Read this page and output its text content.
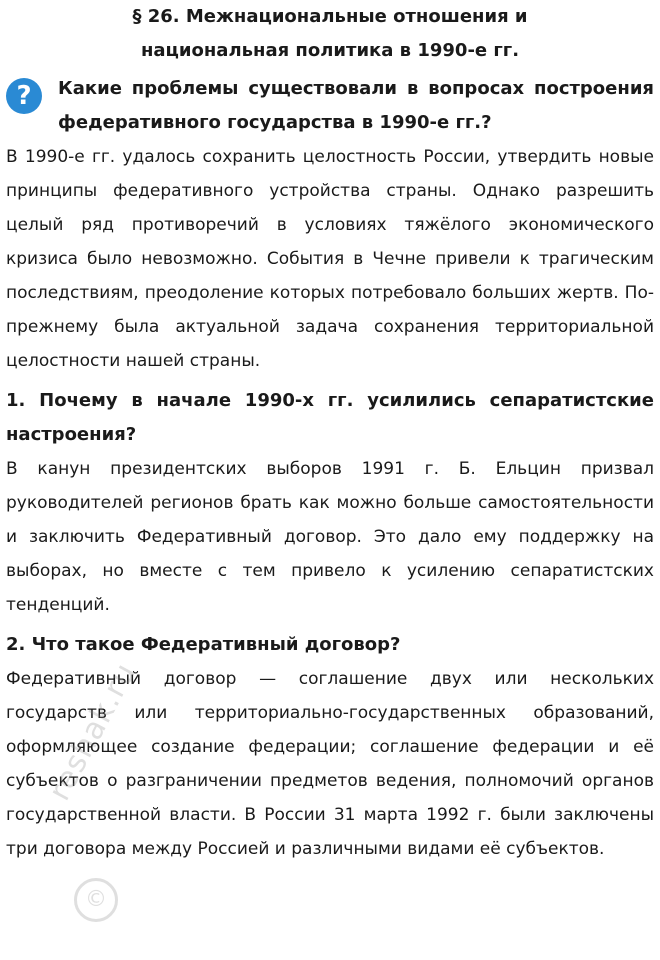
§ 26. Межнациональные отношения и
национальная политика в 1990-е гг.
?	Какие проблемы существовали в вопросах построения федеративного государства в 1990-е гг.?

В 1990-е гг. удалось сохранить целостность России, утвердить новые принципы федеративного устройства страны. Однако разрешить целый ряд противоречий в условиях тяжёлого экономического кризиса было невозможно. События в Чечне привели к трагическим последствиям, преодоление которых потребовало больших жертв. По-прежнему была актуальной задача сохранения территориальной целостности нашей страны.

1. Почему в начале 1990-х гг. усилились сепаратистские настроения?

В канун президентских выборов 1991 г. Б. Ельцин призвал руководителей регионов брать как можно больше самостоятельности и заключить Федеративный договор. Это дало ему поддержку на выборах, но вместе с тем привело к усилению сепаратистских тенденций.

2. Что такое Федеративный договор?

Федеративный договор — соглашение двух или нескольких государств или территориально-государственных образований, оформляющее создание федерации; соглашение федерации и её субъектов о разграничении предметов ведения, полномочий органов государственной власти. В России 31 марта 1992 г. были заключены три договора между Россией и различными видами её субъектов.

reshak.ru
©
